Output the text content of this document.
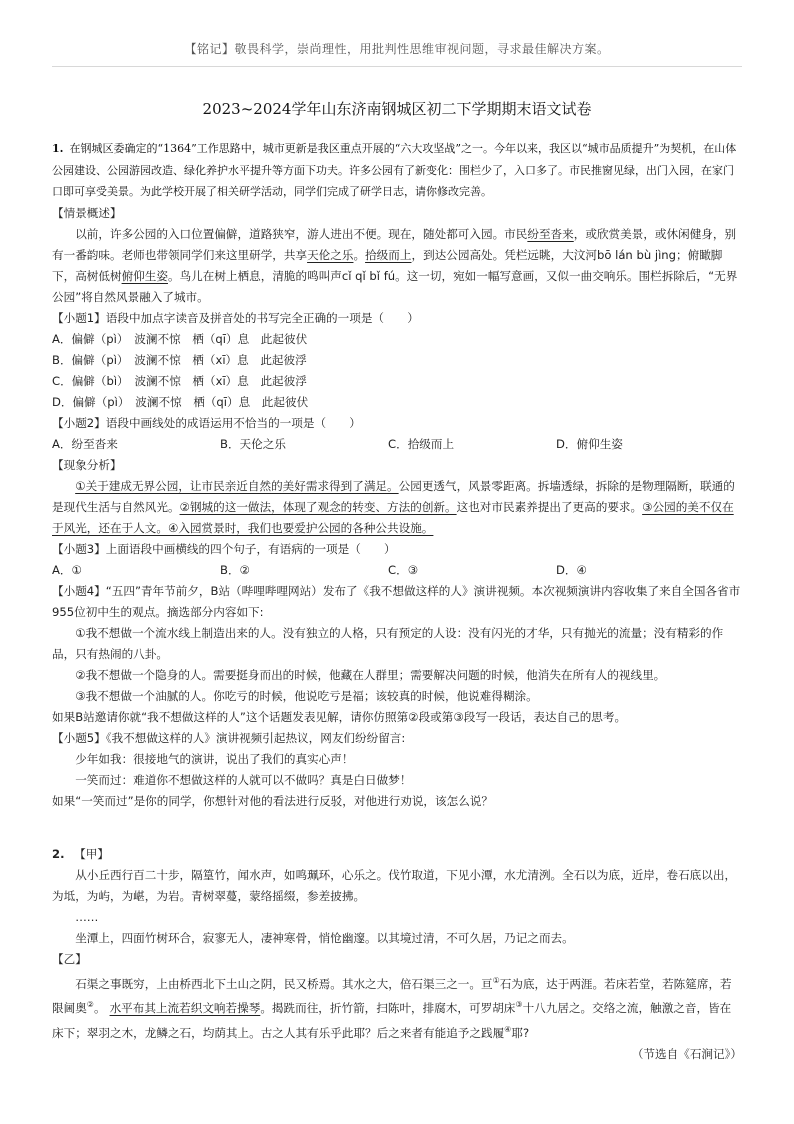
【铭记】敬畏科学，崇尚理性，用批判性思维审视问题，寻求最佳解决方案。
2023~2024学年山东济南钢城区初二下学期期末语文试卷

1. 在钢城区委确定的“1364”工作思路中，城市更新是我区重点开展的“六大攻坚战”之一。今年以来，我区以“城市品质提升”为契机，在山体公园建设、公园游园改造、绿化养护水平提升等方面下功夫。许多公园有了新变化：围栏少了，入口多了。市民推窗见绿，出门入园，在家门口即可享受美景。为此学校开展了相关研学活动，同学们完成了研学日志，请你修改完善。

【情景概述】

以前，许多公园的入口位置偏僻，道路狭窄，游人进出不便。现在，随处都可入园。市民纷至沓来，或欣赏美景，或休闲健身，别有一番韵味。老师也带领同学们来这里研学，共享天伦之乐。拾级而上，到达公园高处。凭栏远眺，大汶河bō lán bù jìng；俯瞰脚下，高树低树俯仰生姿。鸟儿在树上栖息，清脆的鸣叫声cǐ qǐ bǐ fú。这一切，宛如一幅写意画，又似一曲交响乐。围栏拆除后，“无界公园”将自然风景融入了城市。

【小题1】语段中加点字读音及拼音处的书写完全正确的一项是（　　）

A．偏僻（pì）　波澜不惊　栖（qī）息　此起彼伏

B．偏僻（pì）　波澜不惊　栖（xī）息　此起彼浮

C．偏僻（bì）　波澜不惊　栖（xī）息　此起彼浮

D．偏僻（pì）　波澜不惊　栖（qī）息　此起彼伏

【小题2】语段中画线处的成语运用不恰当的一项是（　　）

A．纷至沓来	B．天伦之乐	C．拾级而上	D．俯仰生姿

【现象分析】

①关于建成无界公园，让市民亲近自然的美好需求得到了满足。公园更透气，风景零距离。拆墙透绿，拆除的是物理隔断，联通的是现代生活与自然风光。②钢城的这一做法，体现了观念的转变、方法的创新。这也对市民素养提出了更高的要求。③公园的美不仅在于风光，还在于人文。④入园赏景时，我们也要爱护公园的各种公共设施。

【小题3】上面语段中画横线的四个句子，有语病的一项是（　　）

A．①	B．②	C．③	D．④

【小题4】“五四”青年节前夕，B站（哔哩哔哩网站）发布了《我不想做这样的人》演讲视频。本次视频演讲内容收集了来自全国各省市955位初中生的观点。摘选部分内容如下:

①我不想做一个流水线上制造出来的人。没有独立的人格，只有预定的人设：没有闪光的才华，只有抛光的流量；没有精彩的作品，只有热闹的八卦。

②我不想做一个隐身的人。需要挺身而出的时候，他藏在人群里；需要解决问题的时候，他消失在所有人的视线里。

③我不想做一个油腻的人。你吃亏的时候，他说吃亏是福；该较真的时候，他说难得糊涂。

如果B站邀请你就“我不想做这样的人”这个话题发表见解，请你仿照第②段或第③段写一段话，表达自己的思考。

【小题5】《我不想做这样的人》演讲视频引起热议，网友们纷纷留言:

少年如我：很接地气的演讲，说出了我们的真实心声！

一笑而过：难道你不想做这样的人就可以不做吗？真是白日做梦！

如果“一笑而过”是你的同学，你想针对他的看法进行反驳，对他进行劝说，该怎么说？

2. 【甲】

从小丘西行百二十步，隔篁竹，闻水声，如鸣珮环，心乐之。伐竹取道，下见小潭，水尤清洌。全石以为底，近岸，卷石底以出，为坻，为屿，为嵁，为岩。青树翠蔓，蒙络摇缀，参差披拂。

……

坐潭上，四面竹树环合，寂寥无人，凄神寒骨，悄怆幽邃。以其境过清，不可久居，乃记之而去。

【乙】

石渠之事既穷，上由桥西北下土山之阴，民又桥焉。其水之大，倍石渠三之一。亘①石为底，达于两涯。若床若堂，若陈筵席，若限阃奥②。 水平布其上流若织文响若操琴。揭跣而往，折竹箭，扫陈叶，排腐木，可罗胡床③十八九居之。交络之流，触激之音，皆在床下；翠羽之木，龙鳞之石，均荫其上。古之人其有乐乎此耶？后之来者有能追予之践履④耶?

（节选自《石涧记》）
